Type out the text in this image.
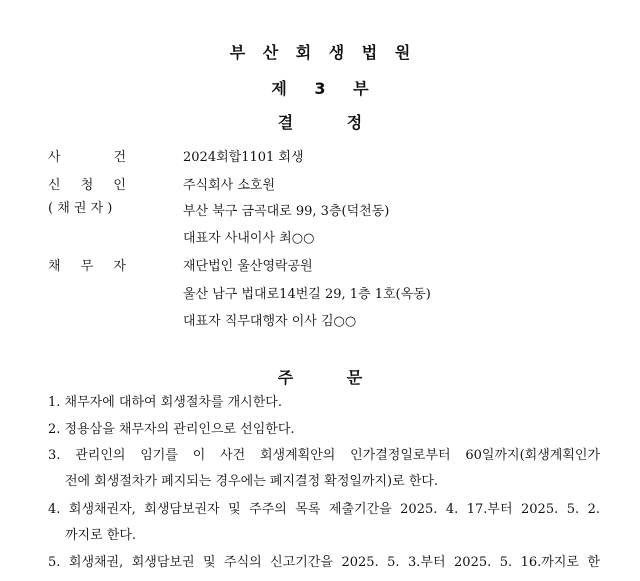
부 산 회 생 법 원
제 3 부
결 정
사 건	2024회합1101 회생
신 청 인	주식회사 소호원
( 채 권 자 )	부산 북구 금곡대로 99, 3층(덕천동)
대표자 사내이사 최○○
채 무 자	재단법인 울산영락공원
울산 남구 법대로14번길 29, 1층 1호(옥동)
대표자 직무대행자 이사 김○○
주 문
1. 채무자에 대하여 회생절차를 개시한다.
2. 정용삼을 채무자의 관리인으로 선임한다.
3. 관리인의 임기를 이 사건 회생계획안의 인가결정일로부터 60일까지(회생계획인가
전에 회생절차가 폐지되는 경우에는 폐지결정 확정일까지)로 한다.
4. 회생채권자, 회생담보권자 및 주주의 목록 제출기간을 2025. 4. 17.부터 2025. 5. 2.
까지로 한다.
5. 회생채권, 회생담보권 및 주식의 신고기간을 2025. 5. 3.부터 2025. 5. 16.까지로 한
